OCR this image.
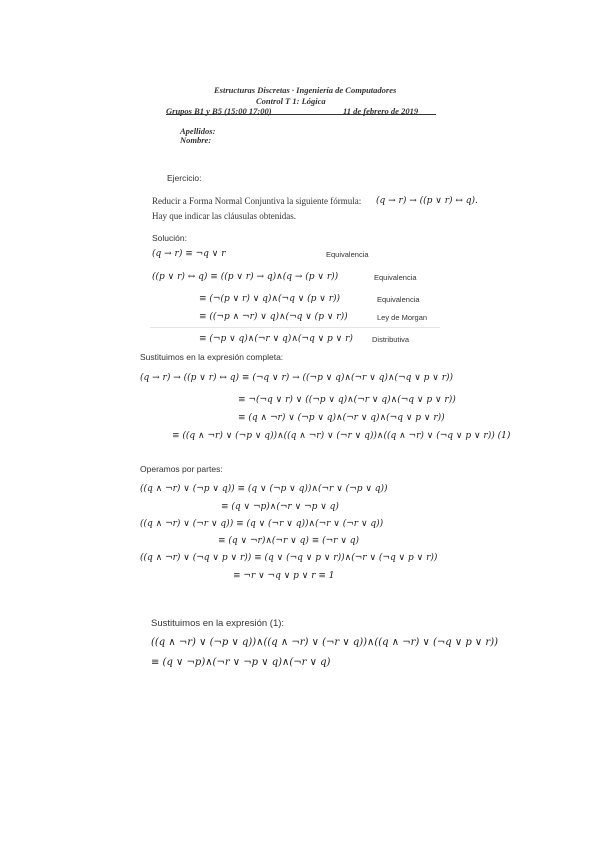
Estructuras Discretas · Ingeniería de Computadores
Control T 1: Lógica
Grupos B1 y B5 (15:00 17:00)	11 de febrero de 2019
Apellidos:
Nombre:
Ejercicio:
Reducir a Forma Normal Conjuntiva la siguiente fórmula: (q → r) → ((p ∨ r) ↔ q).
Hay que indicar las cláusulas obtenidas.
Solución:
(q → r) ≡ ¬q ∨ r	Equivalencia
((p ∨ r) ↔ q) ≡ ((p ∨ r) → q)∧(q → (p ∨ r))	Equivalencia
≡ (¬(p ∨ r) ∨ q)∧(¬q ∨ (p ∨ r))	Equivalencia
≡ ((¬p ∧ ¬r) ∨ q)∧(¬q ∨ (p ∨ r))	Ley de Morgan
≡ (¬p ∨ q)∧(¬r ∨ q)∧(¬q ∨ p ∨ r)	Distributiva
Sustituimos en la expresión completa:
(q → r) → ((p ∨ r) ↔ q) ≡ (¬q ∨ r) → ((¬p ∨ q)∧(¬r ∨ q)∧(¬q ∨ p ∨ r))
≡ ¬(¬q ∨ r) ∨ ((¬p ∨ q)∧(¬r ∨ q)∧(¬q ∨ p ∨ r))
≡ (q ∧ ¬r) ∨ (¬p ∨ q)∧(¬r ∨ q)∧(¬q ∨ p ∨ r))
≡ ((q ∧ ¬r) ∨ (¬p ∨ q))∧((q ∧ ¬r) ∨ (¬r ∨ q))∧((q ∧ ¬r) ∨ (¬q ∨ p ∨ r)) (1)
Operamos por partes:
((q ∧ ¬r) ∨ (¬p ∨ q)) ≡ (q ∨ (¬p ∨ q))∧(¬r ∨ (¬p ∨ q))
≡ (q ∨ ¬p)∧(¬r ∨ ¬p ∨ q)
((q ∧ ¬r) ∨ (¬r ∨ q)) ≡ (q ∨ (¬r ∨ q))∧(¬r ∨ (¬r ∨ q))
≡ (q ∨ ¬r)∧(¬r ∨ q) ≡ (¬r ∨ q)
((q ∧ ¬r) ∨ (¬q ∨ p ∨ r)) ≡ (q ∨ (¬q ∨ p ∨ r))∧(¬r ∨ (¬q ∨ p ∨ r))
≡ ¬r ∨ ¬q ∨ p ∨ r ≡ 1
Sustituimos en la expresión (1):
((q ∧ ¬r) ∨ (¬p ∨ q))∧((q ∧ ¬r) ∨ (¬r ∨ q))∧((q ∧ ¬r) ∨ (¬q ∨ p ∨ r))
≡ (q ∨ ¬p)∧(¬r ∨ ¬p ∨ q)∧(¬r ∨ q)
